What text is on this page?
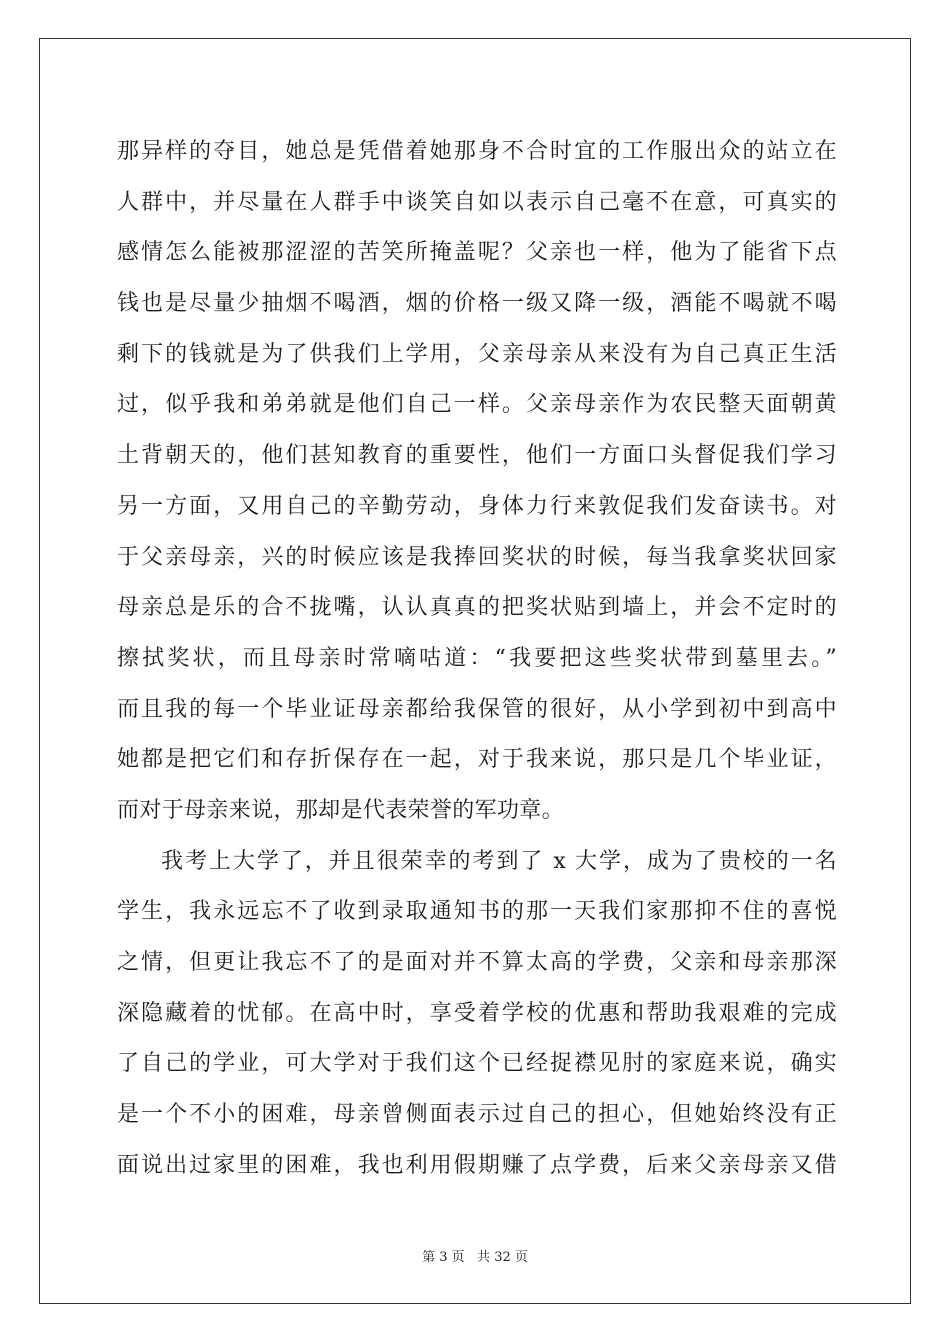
那异样的夺目，她总是凭借着她那身不合时宜的工作服出众的站立在
人群中，并尽量在人群手中谈笑自如以表示自己毫不在意，可真实的
感情怎么能被那涩涩的苦笑所掩盖呢？父亲也一样，他为了能省下点
钱也是尽量少抽烟不喝酒，烟的价格一级又降一级，酒能不喝就不喝
剩下的钱就是为了供我们上学用，父亲母亲从来没有为自己真正生活
过，似乎我和弟弟就是他们自己一样。父亲母亲作为农民整天面朝黄
土背朝天的，他们甚知教育的重要性，他们一方面口头督促我们学习
另一方面，又用自己的辛勤劳动，身体力行来敦促我们发奋读书。对
于父亲母亲，兴的时候应该是我捧回奖状的时候，每当我拿奖状回家
母亲总是乐的合不拢嘴，认认真真的把奖状贴到墙上，并会不定时的
擦拭奖状，而且母亲时常嘀咕道：“我要把这些奖状带到墓里去。”
而且我的每一个毕业证母亲都给我保管的很好，从小学到初中到高中
她都是把它们和存折保存在一起，对于我来说，那只是几个毕业证，
而对于母亲来说，那却是代表荣誉的军功章。
我考上大学了，并且很荣幸的考到了 x 大学，成为了贵校的一名
学生，我永远忘不了收到录取通知书的那一天我们家那抑不住的喜悦
之情，但更让我忘不了的是面对并不算太高的学费，父亲和母亲那深
深隐藏着的忧郁。在高中时，享受着学校的优惠和帮助我艰难的完成
了自己的学业，可大学对于我们这个已经捉襟见肘的家庭来说，确实
是一个不小的困难，母亲曾侧面表示过自己的担心，但她始终没有正
面说出过家里的困难，我也利用假期赚了点学费，后来父亲母亲又借
第 3 页   共 32 页
